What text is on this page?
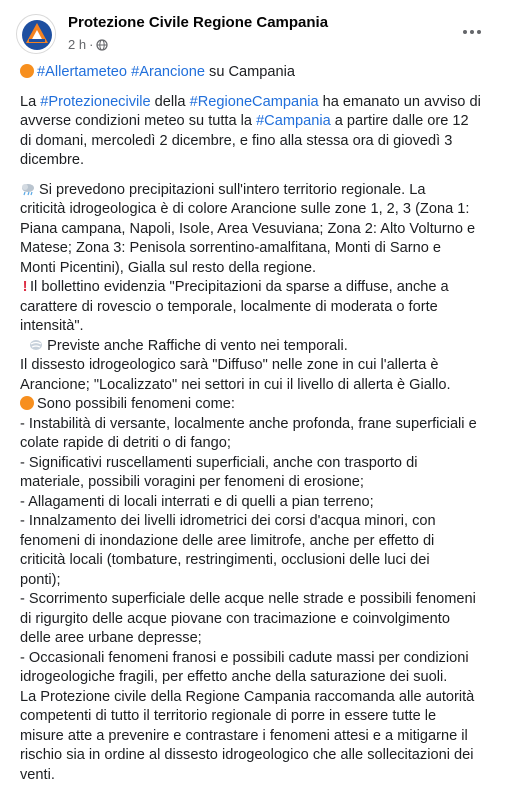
Protezione Civile Regione Campania
2 h ·

#Allertameteo #Arancione su Campania

La #Protezionecivile della #RegioneCampania ha emanato un avviso di
avverse condizioni meteo su tutta la #Campania a partire dalle ore 12
di domani, mercoledì 2 dicembre, e fino alla stessa ora di giovedì 3
dicembre.

Si prevedono precipitazioni sull'intero territorio regionale. La
criticità idrogeologica è di colore Arancione sulle zone 1, 2, 3 (Zona 1:
Piana campana, Napoli, Isole, Area Vesuviana; Zona 2: Alto Volturno e
Matese; Zona 3: Penisola sorrentino-amalfitana, Monti di Sarno e
Monti Picentini), Gialla sul resto della regione.
! Il bollettino evidenzia "Precipitazioni da sparse a diffuse, anche a
carattere di rovescio o temporale, localmente di moderata o forte
intensità".
Previste anche Raffiche di vento nei temporali.
Il dissesto idrogeologico sarà "Diffuso" nelle zone in cui l'allerta è
Arancione; "Localizzato" nei settori in cui il livello di allerta è Giallo.
Sono possibili fenomeni come:
- Instabilità di versante, localmente anche profonda, frane superficiali e
colate rapide di detriti o di fango;
- Significativi ruscellamenti superficiali, anche con trasporto di
materiale, possibili voragini per fenomeni di erosione;
- Allagamenti di locali interrati e di quelli a pian terreno;
- Innalzamento dei livelli idrometrici dei corsi d'acqua minori, con
fenomeni di inondazione delle aree limitrofe, anche per effetto di
criticità locali (tombature, restringimenti, occlusioni delle luci dei
ponti);
- Scorrimento superficiale delle acque nelle strade e possibili fenomeni
di rigurgito delle acque piovane con tracimazione e coinvolgimento
delle aree urbane depresse;
- Occasionali fenomeni franosi e possibili cadute massi per condizioni
idrogeologiche fragili, per effetto anche della saturazione dei suoli.
La Protezione civile della Regione Campania raccomanda alle autorità
competenti di tutto il territorio regionale di porre in essere tutte le
misure atte a prevenire e contrastare i fenomeni attesi e a mitigarne il
rischio sia in ordine al dissesto idrogeologico che alle sollecitazioni dei
venti.
